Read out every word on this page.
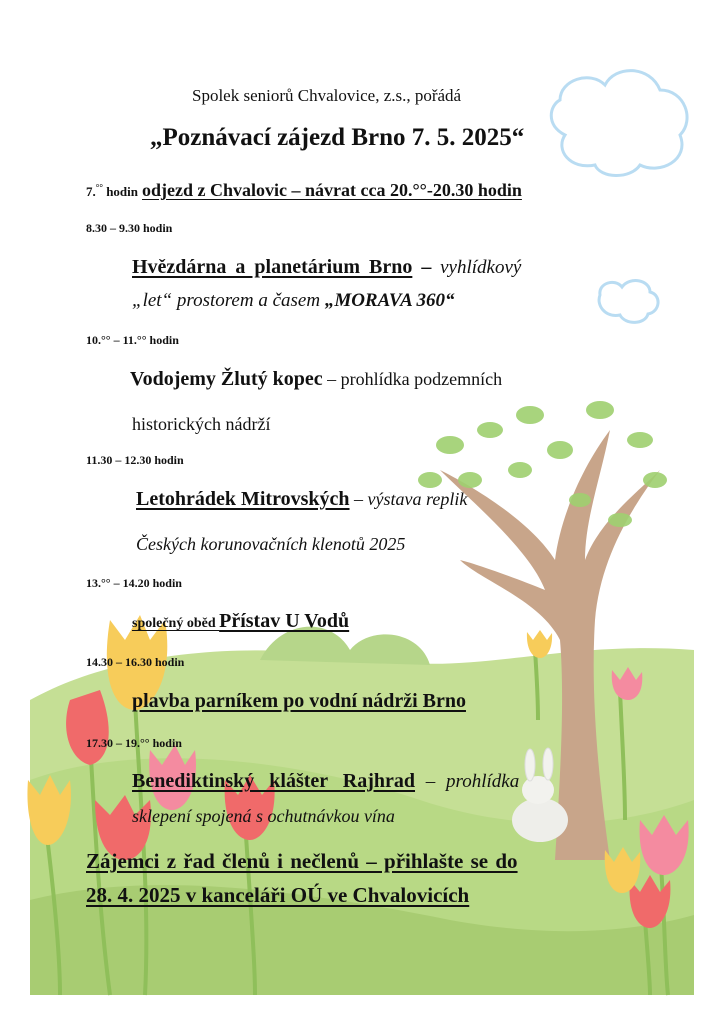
Spolek seniorů Chvalovice, z.s., pořádá

„Poznávací zájezd Brno 7. 5. 2025“

7.°° hodin odjezd z Chvalovic – návrat cca 20.°°-20.30 hodin

8.30 – 9.30 hodin

Hvězdárna a planetárium Brno – vyhlídkový

„let“ prostorem a časem „MORAVA 360“

10.°° – 11.°° hodin

Vodojemy Žlutý kopec – prohlídka podzemních

historických nádrží

11.30 – 12.30 hodin

Letohrádek Mitrovských – výstava replik

Českých korunovačních klenotů 2025

13.°° – 14.20 hodin

společný oběd Přístav U Vodů

14.30 – 16.30 hodin

plavba parníkem po vodní nádrži Brno

17.30 – 19.°° hodin

Benediktinský klášter Rajhrad – prohlídka

sklepení spojená s ochutnávkou vína

Zájemci z řad členů i nečlenů – přihlašte se do

28. 4. 2025 v kanceláři OÚ ve Chvalovicích
